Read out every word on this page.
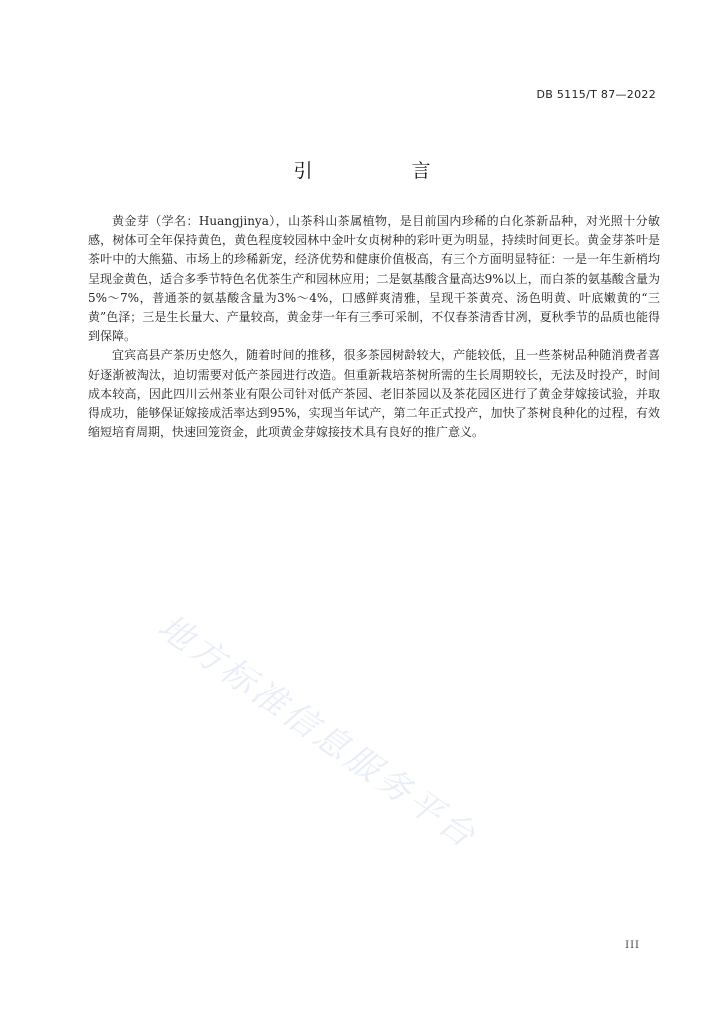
DB 5115/T 87—2022
引　言

黄金芽（学名：Huangjinya），山茶科山茶属植物，是目前国内珍稀的白化茶新品种，对光照十分敏感，树体可全年保持黄色，黄色程度较园林中金叶女贞树种的彩叶更为明显，持续时间更长。黄金芽茶叶是茶叶中的大熊猫、市场上的珍稀新宠，经济优势和健康价值极高，有三个方面明显特征：一是一年生新梢均呈现金黄色，适合多季节特色名优茶生产和园林应用；二是氨基酸含量高达9%以上，而白茶的氨基酸含量为5%～7%，普通茶的氨基酸含量为3%～4%，口感鲜爽清雅，呈现干茶黄亮、汤色明黄、叶底嫩黄的“三黄”色泽；三是生长量大、产量较高，黄金芽一年有三季可采制，不仅春茶清香甘冽，夏秋季节的品质也能得到保障。

宜宾高县产茶历史悠久，随着时间的推移，很多茶园树龄较大，产能较低，且一些茶树品种随消费者喜好逐渐被淘汰，迫切需要对低产茶园进行改造。但重新栽培茶树所需的生长周期较长，无法及时投产，时间成本较高，因此四川云州茶业有限公司针对低产茶园、老旧茶园以及茶花园区进行了黄金芽嫁接试验，并取得成功，能够保证嫁接成活率达到95%，实现当年试产，第二年正式投产，加快了茶树良种化的过程，有效缩短培育周期，快速回笼资金，此项黄金芽嫁接技术具有良好的推广意义。

地方标准信息服务平台
III
